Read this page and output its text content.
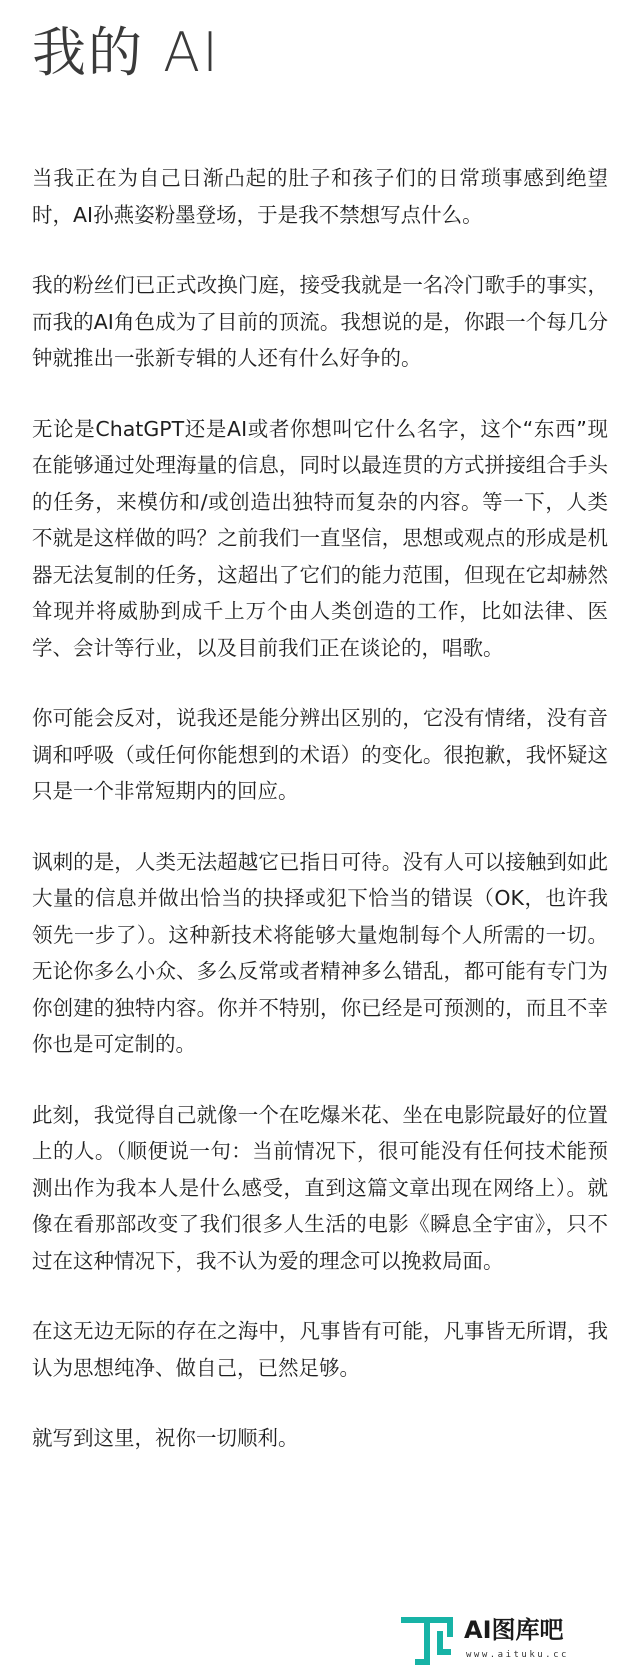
我的 AI

当我正在为自己日渐凸起的肚子和孩子们的日常琐事感到绝望时，AI孙燕姿粉墨登场，于是我不禁想写点什么。

我的粉丝们已正式改换门庭，接受我就是一名冷门歌手的事实，而我的AI角色成为了目前的顶流。我想说的是，你跟一个每几分钟就推出一张新专辑的人还有什么好争的。

无论是ChatGPT还是AI或者你想叫它什么名字，这个“东西”现在能够通过处理海量的信息，同时以最连贯的方式拼接组合手头的任务，来模仿和/或创造出独特而复杂的内容。等一下，人类不就是这样做的吗？之前我们一直坚信，思想或观点的形成是机器无法复制的任务，这超出了它们的能力范围，但现在它却赫然耸现并将威胁到成千上万个由人类创造的工作，比如法律、医学、会计等行业，以及目前我们正在谈论的，唱歌。

你可能会反对，说我还是能分辨出区别的，它没有情绪，没有音调和呼吸（或任何你能想到的术语）的变化。很抱歉，我怀疑这只是一个非常短期内的回应。

讽刺的是，人类无法超越它已指日可待。没有人可以接触到如此大量的信息并做出恰当的抉择或犯下恰当的错误（OK，也许我领先一步了）。这种新技术将能够大量炮制每个人所需的一切。无论你多么小众、多么反常或者精神多么错乱，都可能有专门为你创建的独特内容。你并不特别，你已经是可预测的，而且不幸你也是可定制的。

此刻，我觉得自己就像一个在吃爆米花、坐在电影院最好的位置上的人。（顺便说一句：当前情况下，很可能没有任何技术能预测出作为我本人是什么感受，直到这篇文章出现在网络上）。就像在看那部改变了我们很多人生活的电影《瞬息全宇宙》，只不过在这种情况下，我不认为爱的理念可以挽救局面。

在这无边无际的存在之海中，凡事皆有可能，凡事皆无所谓，我认为思想纯净、做自己，已然足够。

就写到这里，祝你一切顺利。

AI图库吧
www.aituku.cc
